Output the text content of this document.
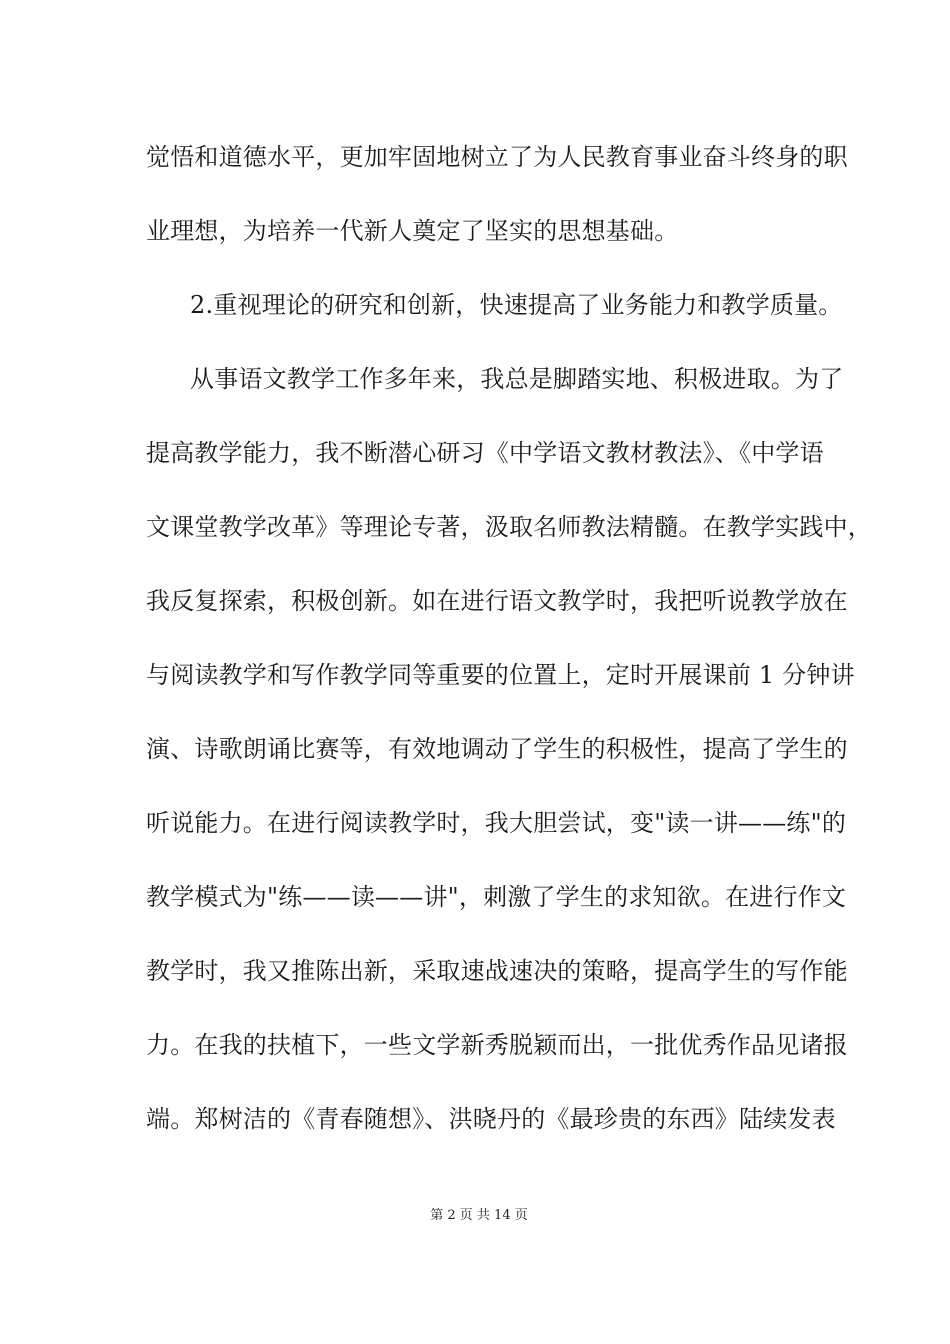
觉悟和道德水平，更加牢固地树立了为人民教育事业奋斗终身的职
业理想，为培养一代新人奠定了坚实的思想基础。
2.重视理论的研究和创新，快速提高了业务能力和教学质量。
从事语文教学工作多年来，我总是脚踏实地、积极进取。为了
提高教学能力，我不断潜心研习《中学语文教材教法》、《中学语
文课堂教学改革》等理论专著，汲取名师教法精髓。在教学实践中，
我反复探索，积极创新。如在进行语文教学时，我把听说教学放在
与阅读教学和写作教学同等重要的位置上，定时开展课前 1 分钟讲
演、诗歌朗诵比赛等，有效地调动了学生的积极性，提高了学生的
听说能力。在进行阅读教学时，我大胆尝试，变"读一讲——练"的
教学模式为"练——读——讲"，刺激了学生的求知欲。在进行作文
教学时，我又推陈出新，采取速战速决的策略，提高学生的写作能
力。在我的扶植下，一些文学新秀脱颖而出，一批优秀作品见诸报
端。郑树洁的《青春随想》、洪晓丹的《最珍贵的东西》陆续发表
第 2 页 共 14 页
